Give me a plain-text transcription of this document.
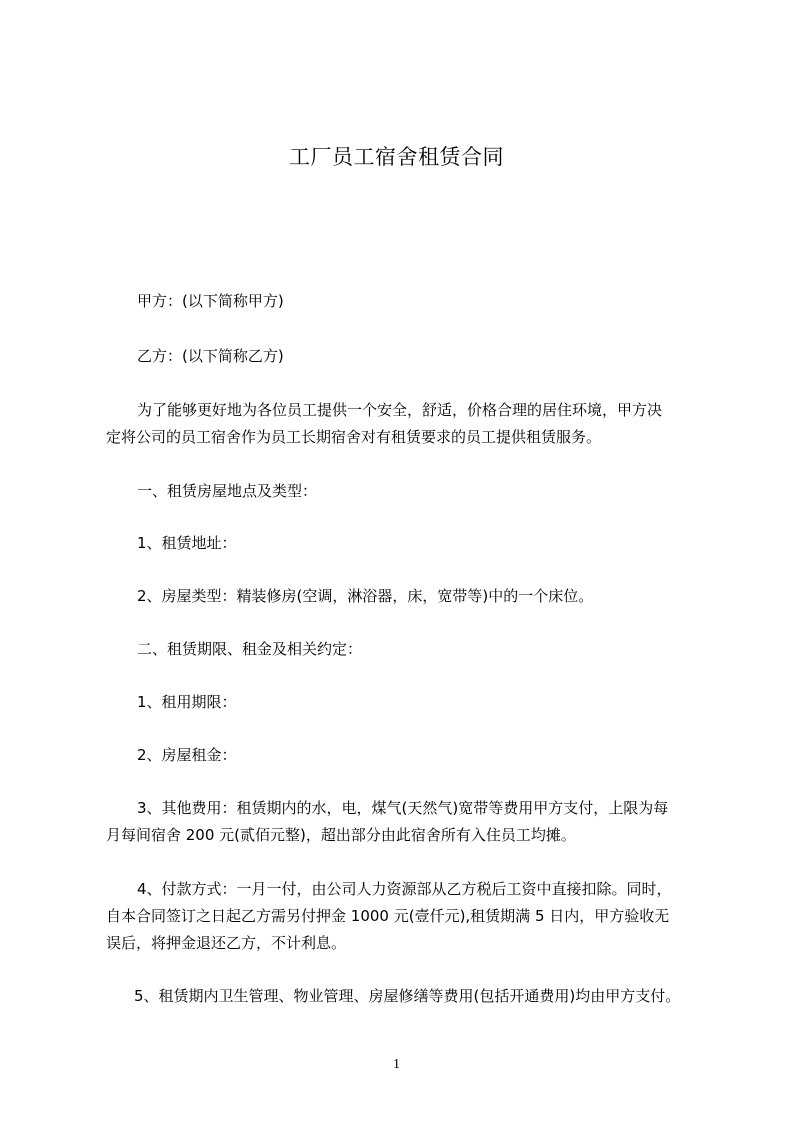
工厂员工宿舍租赁合同
甲方：(以下简称甲方)
乙方：(以下简称乙方)
为了能够更好地为各位员工提供一个安全，舒适，价格合理的居住环境，甲方决
定将公司的员工宿舍作为员工长期宿舍对有租赁要求的员工提供租赁服务。
一、租赁房屋地点及类型：
1、租赁地址：
2、房屋类型：精装修房(空调，淋浴器，床，宽带等)中的一个床位。
二、租赁期限、租金及相关约定：
1、租用期限：
2、房屋租金：
3、其他费用：租赁期内的水，电，煤气(天然气)宽带等费用甲方支付，上限为每
月每间宿舍 200 元(贰佰元整)，超出部分由此宿舍所有入住员工均摊。
4、付款方式：一月一付，由公司人力资源部从乙方税后工资中直接扣除。同时，
自本合同签订之日起乙方需另付押金 1000 元(壹仟元),租赁期满 5 日内，甲方验收无
误后，将押金退还乙方，不计利息。
5、租赁期内卫生管理、物业管理、房屋修缮等费用(包括开通费用)均由甲方支付。
1
